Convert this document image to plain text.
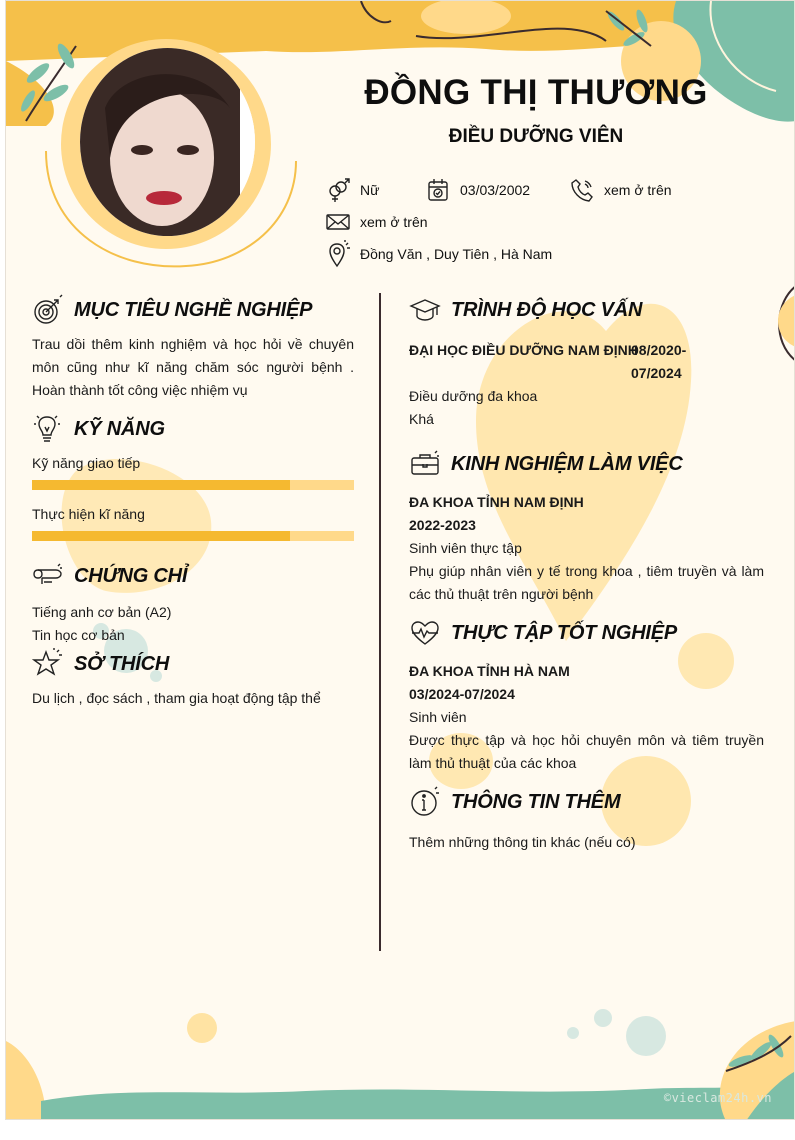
ĐỒNG THỊ THƯƠNG
ĐIỀU DƯỠNG VIÊN
Nữ	03/03/2002	xem ở trên
xem ở trên
Đồng Văn , Duy Tiên , Hà Nam
MỤC TIÊU NGHỀ NGHIỆP
Trau dồi thêm kinh nghiệm và học hỏi về chuyên môn cũng như kĩ năng chăm sóc người bệnh . Hoàn thành tốt công việc nhiệm vụ
KỸ NĂNG
Kỹ năng giao tiếp
Thực hiện kĩ năng
CHỨNG CHỈ
Tiếng anh cơ bản (A2)
Tin học cơ bản
SỞ THÍCH
Du lịch , đọc sách , tham gia hoạt động tập thể
TRÌNH ĐỘ HỌC VẤN
ĐẠI HỌC ĐIỀU DƯỠNG NAM ĐỊNH
08/2020-
07/2024
Điều dưỡng đa khoa
Khá
KINH NGHIỆM LÀM VIỆC
ĐA KHOA TỈNH NAM ĐỊNH
2022-2023
Sinh viên thực tập
Phụ giúp nhân viên y tế trong khoa , tiêm truyền và làm các thủ thuật trên người bệnh
THỰC TẬP TỐT NGHIỆP
ĐA KHOA TỈNH HÀ NAM
03/2024-07/2024
Sinh viên
Được thực tập và học hỏi chuyên môn và tiêm truyền làm thủ thuật của các khoa
THÔNG TIN THÊM
Thêm những thông tin khác (nếu có)
©vieclam24h.vn
